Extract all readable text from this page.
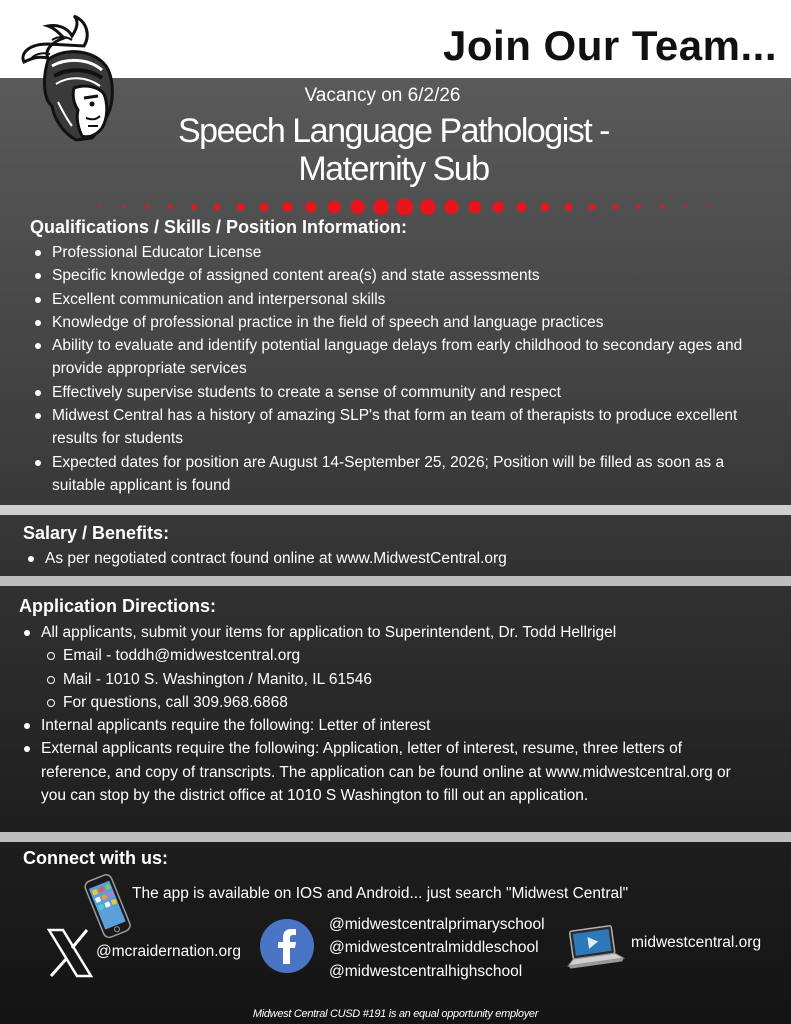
Join Our Team...
Vacancy on 6/2/26
Speech Language Pathologist -
Maternity Sub
Qualifications / Skills / Position Information:
Professional Educator License
Specific knowledge of assigned content area(s) and state assessments
Excellent communication and interpersonal skills
Knowledge of professional practice in the field of speech and language practices
Ability to evaluate and identify potential language delays from early childhood to secondary ages and provide appropriate services
Effectively supervise students to create a sense of community and respect
Midwest Central has a history of amazing SLP's that form an team of therapists to produce excellent results for students
Expected dates for position are August 14-September 25, 2026; Position will be filled as soon as a suitable applicant is found
Salary / Benefits:
As per negotiated contract found online at www.MidwestCentral.org
Application Directions:
All applicants, submit your items for application to Superintendent, Dr. Todd Hellrigel
Email - toddh@midwestcentral.org
Mail - 1010 S. Washington / Manito, IL 61546
For questions, call 309.968.6868
Internal applicants require the following: Letter of interest
External applicants require the following: Application, letter of interest, resume, three letters of reference, and copy of transcripts. The application can be found online at www.midwestcentral.org or you can stop by the district office at 1010 S Washington to fill out an application.
Connect with us:
The app is available on IOS and Android... just search "Midwest Central"
@mcraidernation.org
@midwestcentralprimaryschool
@midwestcentralmiddleschool
@midwestcentralhighschool
midwestcentral.org
Midwest Central CUSD #191 is an equal opportunity employer
